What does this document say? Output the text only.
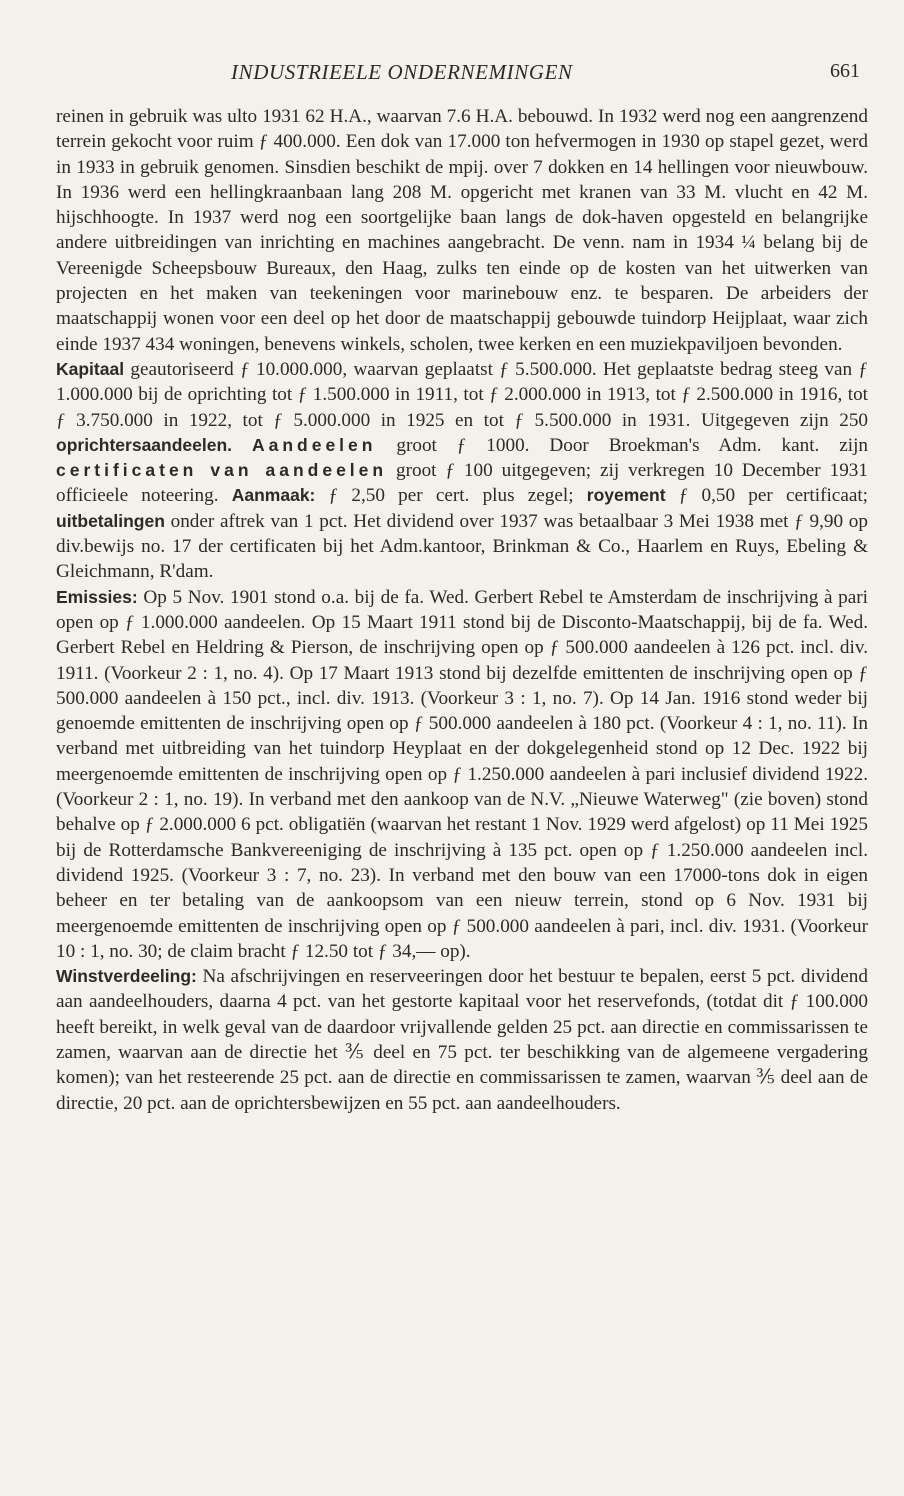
INDUSTRIEELE ONDERNEMINGEN	661

reinen in gebruik was ulto 1931 62 H.A., waarvan 7.6 H.A. bebouwd. In 1932 werd nog een aangrenzend terrein gekocht voor ruim ƒ 400.000. Een dok van 17.000 ton hefvermogen in 1930 op stapel gezet, werd in 1933 in gebruik genomen. Sinsdien beschikt de mpij. over 7 dokken en 14 hellingen voor nieuwbouw. In 1936 werd een hellingkraanbaan lang 208 M. opgericht met kranen van 33 M. vlucht en 42 M. hijschhoogte. In 1937 werd nog een soortgelijke baan langs de dok-haven opgesteld en belangrijke andere uitbreidingen van inrichting en machines aangebracht. De venn. nam in 1934 ¼ belang bij de Vereenigde Scheepsbouw Bureaux, den Haag, zulks ten einde op de kosten van het uitwerken van projecten en het maken van teekeningen voor marinebouw enz. te besparen. De arbeiders der maatschappij wonen voor een deel op het door de maatschappij gebouwde tuindorp Heijplaat, waar zich einde 1937 434 woningen, benevens winkels, scholen, twee kerken en een muziekpaviljoen bevonden.

Kapitaal geautoriseerd ƒ 10.000.000, waarvan geplaatst ƒ 5.500.000. Het geplaatste bedrag steeg van ƒ 1.000.000 bij de oprichting tot ƒ 1.500.000 in 1911, tot ƒ 2.000.000 in 1913, tot ƒ 2.500.000 in 1916, tot ƒ 3.750.000 in 1922, tot ƒ 5.000.000 in 1925 en tot ƒ 5.500.000 in 1931. Uitgegeven zijn 250 oprichtersaandeelen. Aandeelen groot ƒ 1000. Door Broekman's Adm. kant. zijn certificaten van aandeelen groot ƒ 100 uitgegeven; zij verkregen 10 December 1931 officieele noteering. Aanmaak: ƒ 2,50 per cert. plus zegel; royement ƒ 0,50 per certificaat; uitbetalingen onder aftrek van 1 pct. Het dividend over 1937 was betaalbaar 3 Mei 1938 met ƒ 9,90 op div.bewijs no. 17 der certificaten bij het Adm.kantoor, Brinkman & Co., Haarlem en Ruys, Ebeling & Gleichmann, R'dam.

Emissies: Op 5 Nov. 1901 stond o.a. bij de fa. Wed. Gerbert Rebel te Amsterdam de inschrijving à pari open op ƒ 1.000.000 aandeelen. Op 15 Maart 1911 stond bij de Disconto-Maatschappij, bij de fa. Wed. Gerbert Rebel en Heldring & Pierson, de inschrijving open op ƒ 500.000 aandeelen à 126 pct. incl. div. 1911. (Voorkeur 2 : 1, no. 4). Op 17 Maart 1913 stond bij dezelfde emittenten de inschrijving open op ƒ 500.000 aandeelen à 150 pct., incl. div. 1913. (Voorkeur 3 : 1, no. 7). Op 14 Jan. 1916 stond weder bij genoemde emittenten de inschrijving open op ƒ 500.000 aandeelen à 180 pct. (Voorkeur 4 : 1, no. 11). In verband met uitbreiding van het tuindorp Heyplaat en der dokgelegenheid stond op 12 Dec. 1922 bij meergenoemde emittenten de inschrijving open op ƒ 1.250.000 aandeelen à pari inclusief dividend 1922. (Voorkeur 2 : 1, no. 19). In verband met den aankoop van de N.V. „Nieuwe Waterweg" (zie boven) stond behalve op ƒ 2.000.000 6 pct. obligatiën (waarvan het restant 1 Nov. 1929 werd afgelost) op 11 Mei 1925 bij de Rotterdamsche Bankvereeniging de inschrijving à 135 pct. open op ƒ 1.250.000 aandeelen incl. dividend 1925. (Voorkeur 3 : 7, no. 23). In verband met den bouw van een 17000-tons dok in eigen beheer en ter betaling van de aankoopsom van een nieuw terrein, stond op 6 Nov. 1931 bij meergenoemde emittenten de inschrijving open op ƒ 500.000 aandeelen à pari, incl. div. 1931. (Voorkeur 10 : 1, no. 30; de claim bracht ƒ 12.50 tot ƒ 34,— op).

Winstverdeeling: Na afschrijvingen en reserveeringen door het bestuur te bepalen, eerst 5 pct. dividend aan aandeelhouders, daarna 4 pct. van het gestorte kapitaal voor het reservefonds, (totdat dit ƒ 100.000 heeft bereikt, in welk geval van de daardoor vrijvallende gelden 25 pct. aan directie en commissarissen te zamen, waarvan aan de directie het ⅗ deel en 75 pct. ter beschikking van de algemeene vergadering komen); van het resteerende 25 pct. aan de directie en commissarissen te zamen, waarvan ⅗ deel aan de directie, 20 pct. aan de oprichtersbewijzen en 55 pct. aan aandeelhouders.
